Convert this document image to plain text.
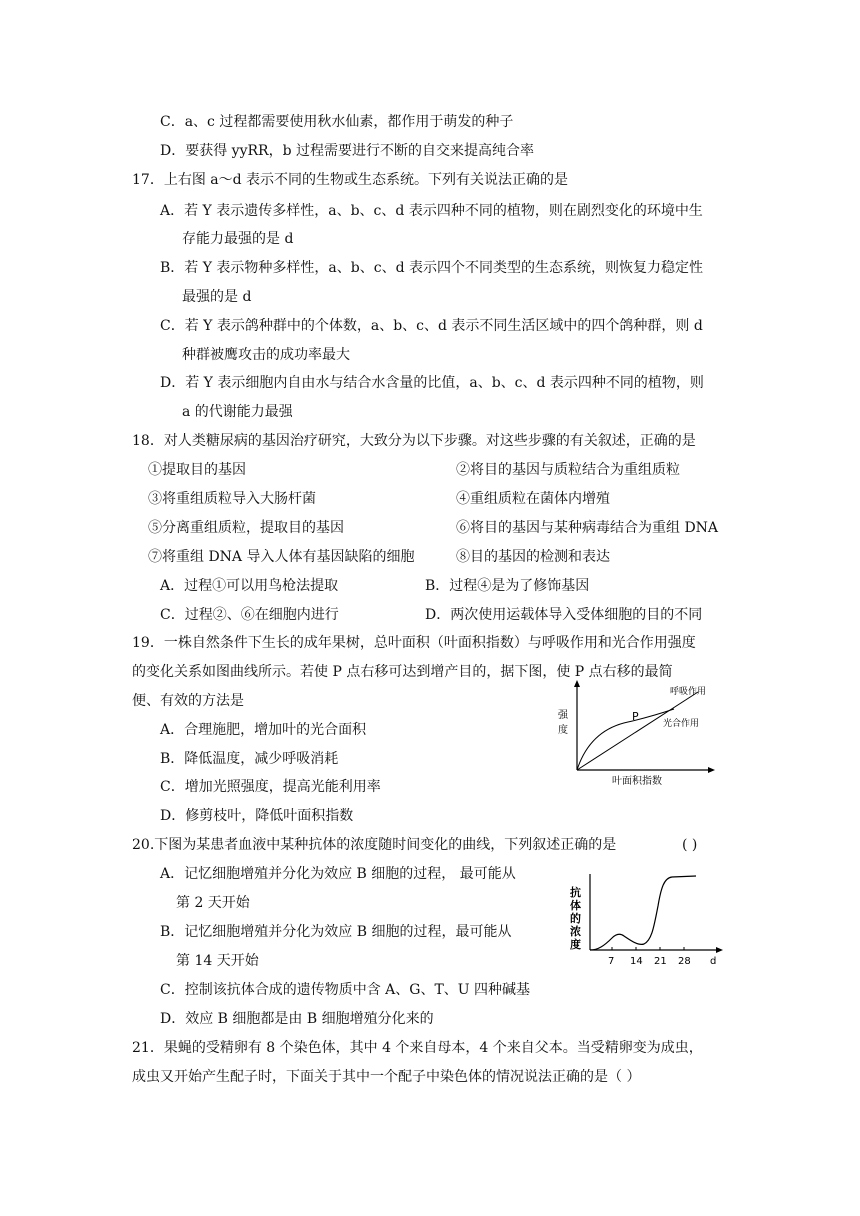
C．a、c 过程都需要使用秋水仙素，都作用于萌发的种子
D．要获得 yyRR，b 过程需要进行不断的自交来提高纯合率
17．上右图 a～d 表示不同的生物或生态系统。下列有关说法正确的是
A．若 Y 表示遗传多样性，a、b、c、d 表示四种不同的植物，则在剧烈变化的环境中生
存能力最强的是 d
B．若 Y 表示物种多样性，a、b、c、d 表示四个不同类型的生态系统，则恢复力稳定性
最强的是 d
C．若 Y 表示鸽种群中的个体数，a、b、c、d 表示不同生活区域中的四个鸽种群，则 d
种群被鹰攻击的成功率最大
D．若 Y 表示细胞内自由水与结合水含量的比值，a、b、c、d 表示四种不同的植物，则
a 的代谢能力最强
18．对人类糖尿病的基因治疗研究，大致分为以下步骤。对这些步骤的有关叙述，正确的是
①提取目的基因	②将目的基因与质粒结合为重组质粒
③将重组质粒导入大肠杆菌	④重组质粒在菌体内增殖
⑤分离重组质粒，提取目的基因	⑥将目的基因与某种病毒结合为重组 DNA
⑦将重组 DNA 导入人体有基因缺陷的细胞	⑧目的基因的检测和表达
A．过程①可以用鸟枪法提取	B．过程④是为了修饰基因
C．过程②、⑥在细胞内进行	D．两次使用运载体导入受体细胞的目的不同
19．一株自然条件下生长的成年果树，总叶面积（叶面积指数）与呼吸作用和光合作用强度
的变化关系如图曲线所示。若使 P 点右移可达到增产目的，据下图，使 P 点右移的最简
便、有效的方法是
A．合理施肥，增加叶的光合面积
B．降低温度，减少呼吸消耗
C．增加光照强度，提高光能利用率
D．修剪枝叶，降低叶面积指数
强
度
叶面积指数
P
呼吸作用
光合作用
20.下图为某患者血液中某种抗体的浓度随时间变化的曲线，下列叙述正确的是	( )
A．记忆细胞增殖并分化为效应 B 细胞的过程， 最可能从
第 2 天开始
B．记忆细胞增殖并分化为效应 B 细胞的过程，最可能从
第 14 天开始
C．控制该抗体合成的遗传物质中含 A、G、T、U 四种碱基
D．效应 B 细胞都是由 B 细胞增殖分化来的
7 14 21 28 d
抗
体
的
浓
度
21．果蝇的受精卵有 8 个染色体，其中 4 个来自母本，4 个来自父本。当受精卵变为成虫，
成虫又开始产生配子时，下面关于其中一个配子中染色体的情况说法正确的是（ ）
